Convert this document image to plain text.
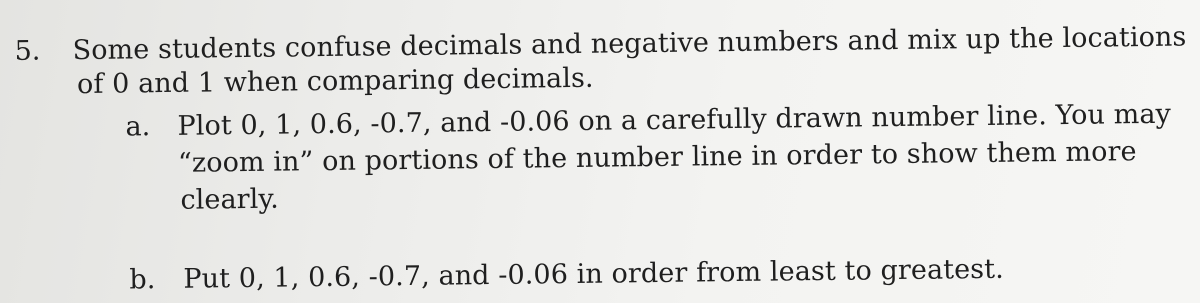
5. Some students confuse decimals and negative numbers and mix up the locations
of 0 and 1 when comparing decimals.
a. Plot 0, 1, 0.6, -0.7, and -0.06 on a carefully drawn number line. You may
“zoom in” on portions of the number line in order to show them more
clearly.
b. Put 0, 1, 0.6, -0.7, and -0.06 in order from least to greatest.
